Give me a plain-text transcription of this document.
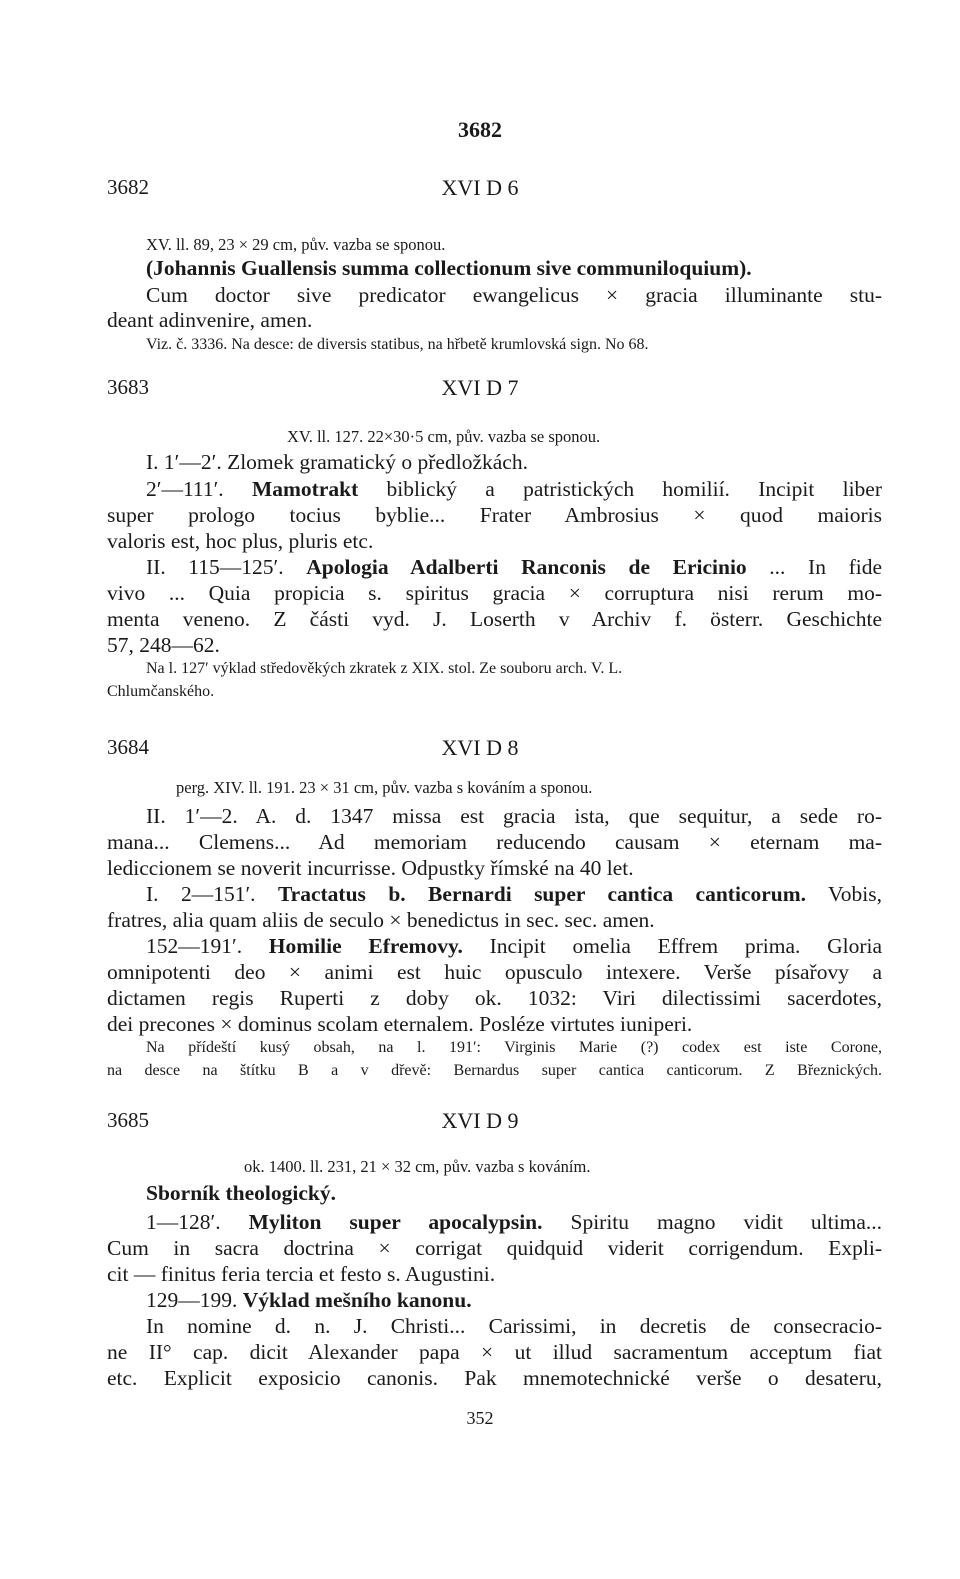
3682
3682	XVI D 6
XV. ll. 89, 23 × 29 cm, pův. vazba se sponou.
(Johannis Guallensis summa collectionum sive communiloquium).
Cum doctor sive predicator ewangelicus × gracia illuminante stu-
deant adinvenire, amen.
Viz. č. 3336. Na desce: de diversis statibus, na hřbetě krumlovská sign. No 68.
3683	XVI D 7
XV. ll. 127. 22×30·5 cm, pův. vazba se sponou.
I. 1′—2′. Zlomek gramatický o předložkách.
2′—111′. Mamotrakt biblický a patristických homilií. Incipit liber
super prologo tocius byblie... Frater Ambrosius × quod maioris
valoris est, hoc plus, pluris etc.
II. 115—125′. Apologia Adalberti Ranconis de Ericinio ... In fide
vivo ... Quia propicia s. spiritus gracia × corruptura nisi rerum mo-
menta veneno. Z části vyd. J. Loserth v Archiv f. österr. Geschichte
57, 248—62.
Na l. 127′ výklad středověkých zkratek z XIX. stol. Ze souboru arch. V. L.
Chlumčanského.
3684	XVI D 8
perg. XIV. ll. 191. 23 × 31 cm, pův. vazba s kováním a sponou.
II. 1′—2. A. d. 1347 missa est gracia ista, que sequitur, a sede ro-
mana... Clemens... Ad memoriam reducendo causam × eternam ma-
lediccionem se noverit incurrisse. Odpustky římské na 40 let.
I. 2—151′. Tractatus b. Bernardi super cantica canticorum. Vobis,
fratres, alia quam aliis de seculo × benedictus in sec. sec. amen.
152—191′. Homilie Efremovy. Incipit omelia Effrem prima. Gloria
omnipotenti deo × animi est huic opusculo intexere. Verše písařovy a
dictamen regis Ruperti z doby ok. 1032: Viri dilectissimi sacerdotes,
dei precones × dominus scolam eternalem. Posléze virtutes iuniperi.
Na přídeští kusý obsah, na l. 191′: Virginis Marie (?) codex est iste Corone,
na desce na štítku B a v dřevě: Bernardus super cantica canticorum. Z Březnických.
3685	XVI D 9
ok. 1400. ll. 231, 21 × 32 cm, pův. vazba s kováním.
Sborník theologický.
1—128′. Myliton super apocalypsin. Spiritu magno vidit ultima...
Cum in sacra doctrina × corrigat quidquid viderit corrigendum. Expli-
cit — finitus feria tercia et festo s. Augustini.
129—199. Výklad mešního kanonu.
In nomine d. n. J. Christi... Carissimi, in decretis de consecracio-
ne II° cap. dicit Alexander papa × ut illud sacramentum acceptum fiat
etc. Explicit exposicio canonis. Pak mnemotechnické verše o desateru,
352
